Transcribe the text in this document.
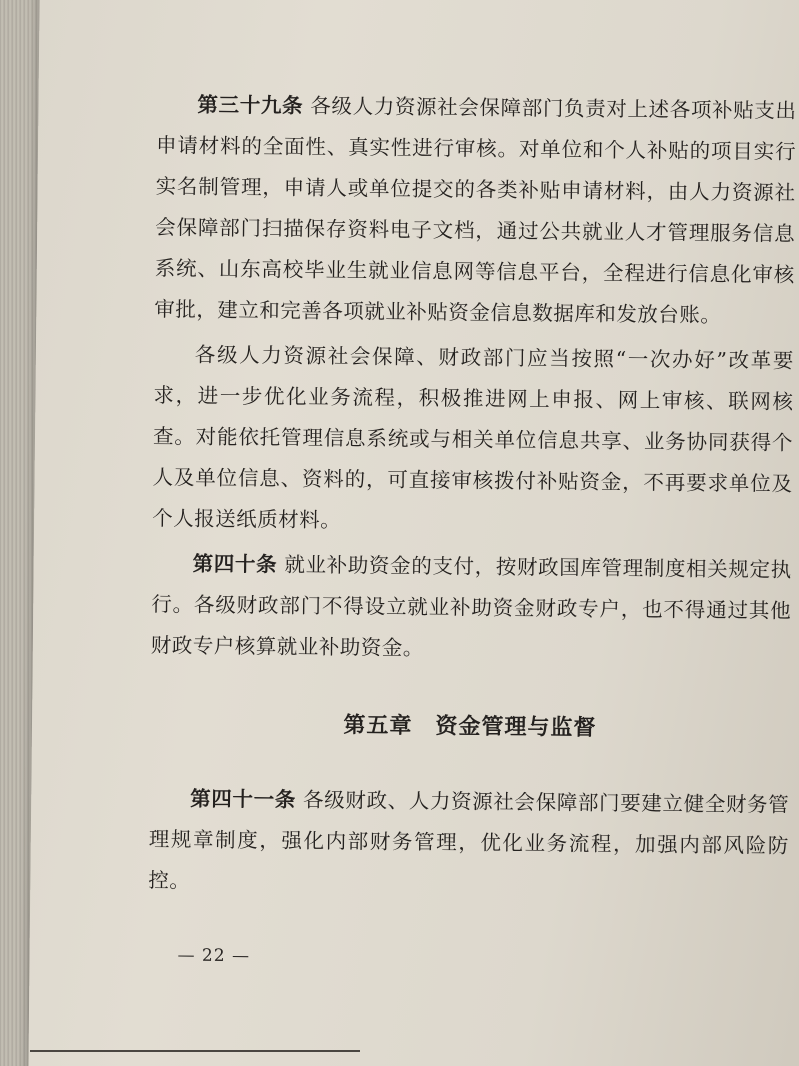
第三十九条 各级人力资源社会保障部门负责对上述各项补贴支出申请材料的全面性、真实性进行审核。对单位和个人补贴的项目实行实名制管理，申请人或单位提交的各类补贴申请材料，由人力资源社会保障部门扫描保存资料电子文档，通过公共就业人才管理服务信息系统、山东高校毕业生就业信息网等信息平台，全程进行信息化审核审批，建立和完善各项就业补贴资金信息数据库和发放台账。

各级人力资源社会保障、财政部门应当按照“一次办好”改革要求，进一步优化业务流程，积极推进网上申报、网上审核、联网核查。对能依托管理信息系统或与相关单位信息共享、业务协同获得个人及单位信息、资料的，可直接审核拨付补贴资金，不再要求单位及个人报送纸质材料。

第四十条 就业补助资金的支付，按财政国库管理制度相关规定执行。各级财政部门不得设立就业补助资金财政专户，也不得通过其他财政专户核算就业补助资金。

第五章　资金管理与监督

第四十一条 各级财政、人力资源社会保障部门要建立健全财务管理规章制度，强化内部财务管理，优化业务流程，加强内部风险防控。

— 22 —
